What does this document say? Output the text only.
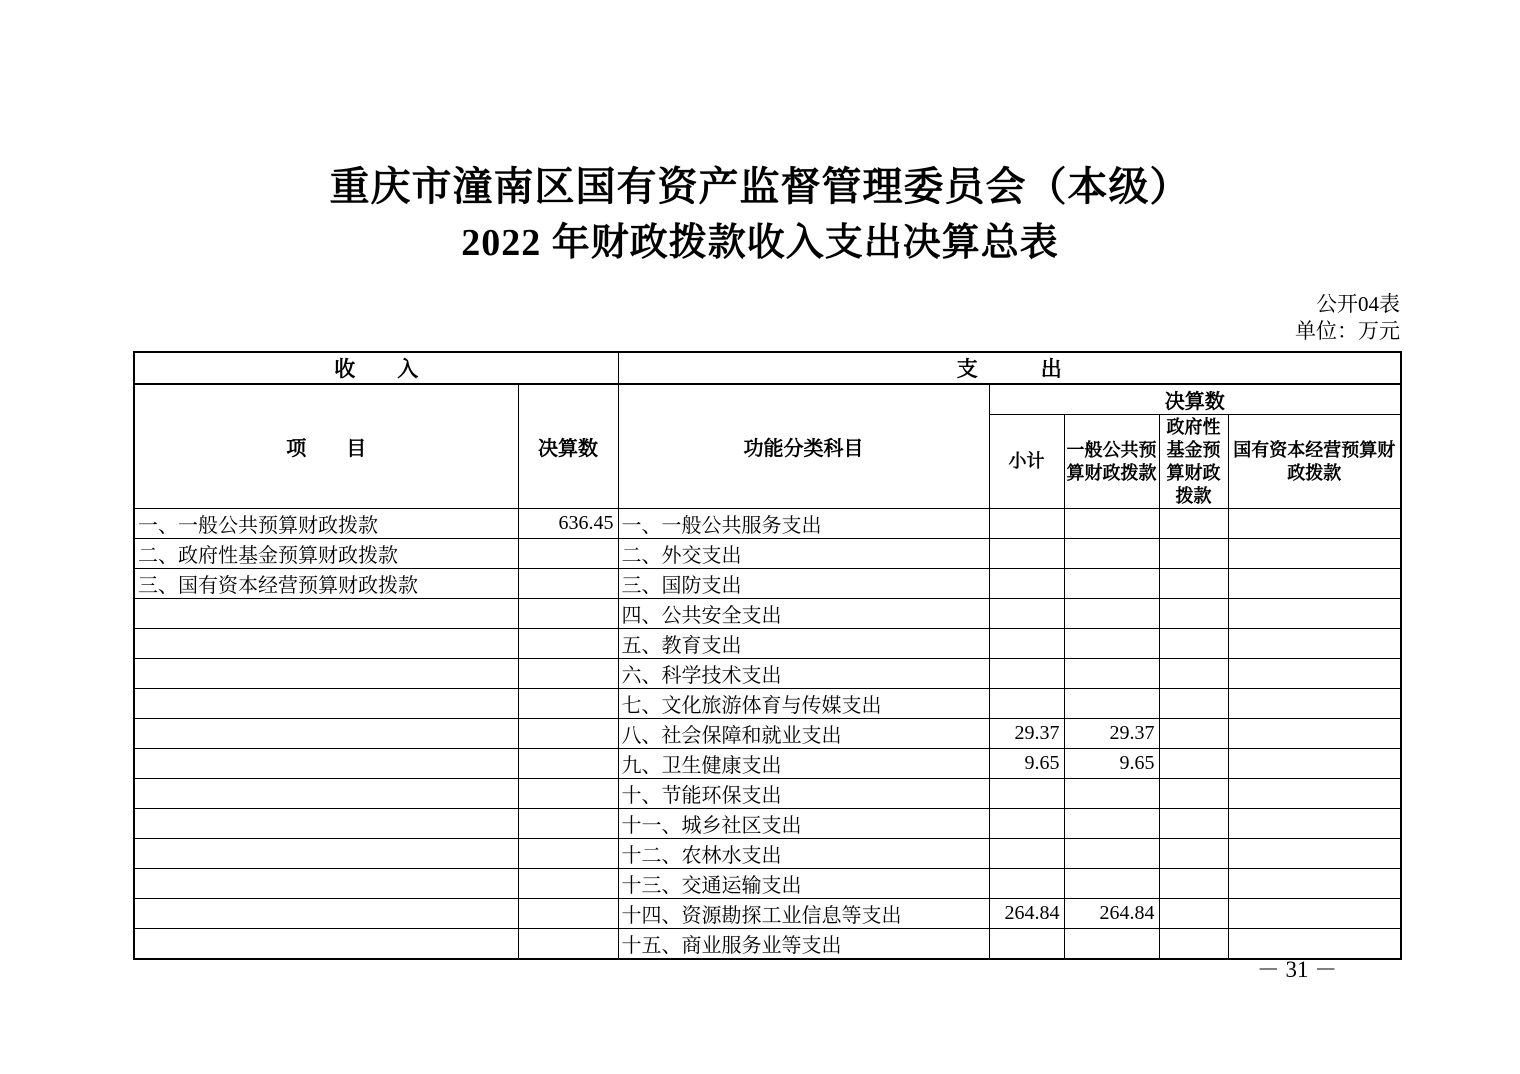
重庆市潼南区国有资产监督管理委员会（本级）
2022 年财政拨款收入支出决算总表
公开04表
单位：万元
收　　入		支　　　出				
项　　目	决算数	功能分类科目	决算数			
			小计	一般公共预算财政拨款	政府性基金预算财政拨款	国有资本经营预算财政拨款
一、一般公共预算财政拨款	636.45	一、一般公共服务支出				
二、政府性基金预算财政拨款		二、外交支出				
三、国有资本经营预算财政拨款		三、国防支出				
		四、公共安全支出				
		五、教育支出				
		六、科学技术支出				
		七、文化旅游体育与传媒支出				
		八、社会保障和就业支出	29.37	29.37		
		九、卫生健康支出	9.65	9.65		
		十、节能环保支出				
		十一、城乡社区支出				
		十二、农林水支出				
		十三、交通运输支出				
		十四、资源勘探工业信息等支出	264.84	264.84		
		十五、商业服务业等支出				
－ 31 －
